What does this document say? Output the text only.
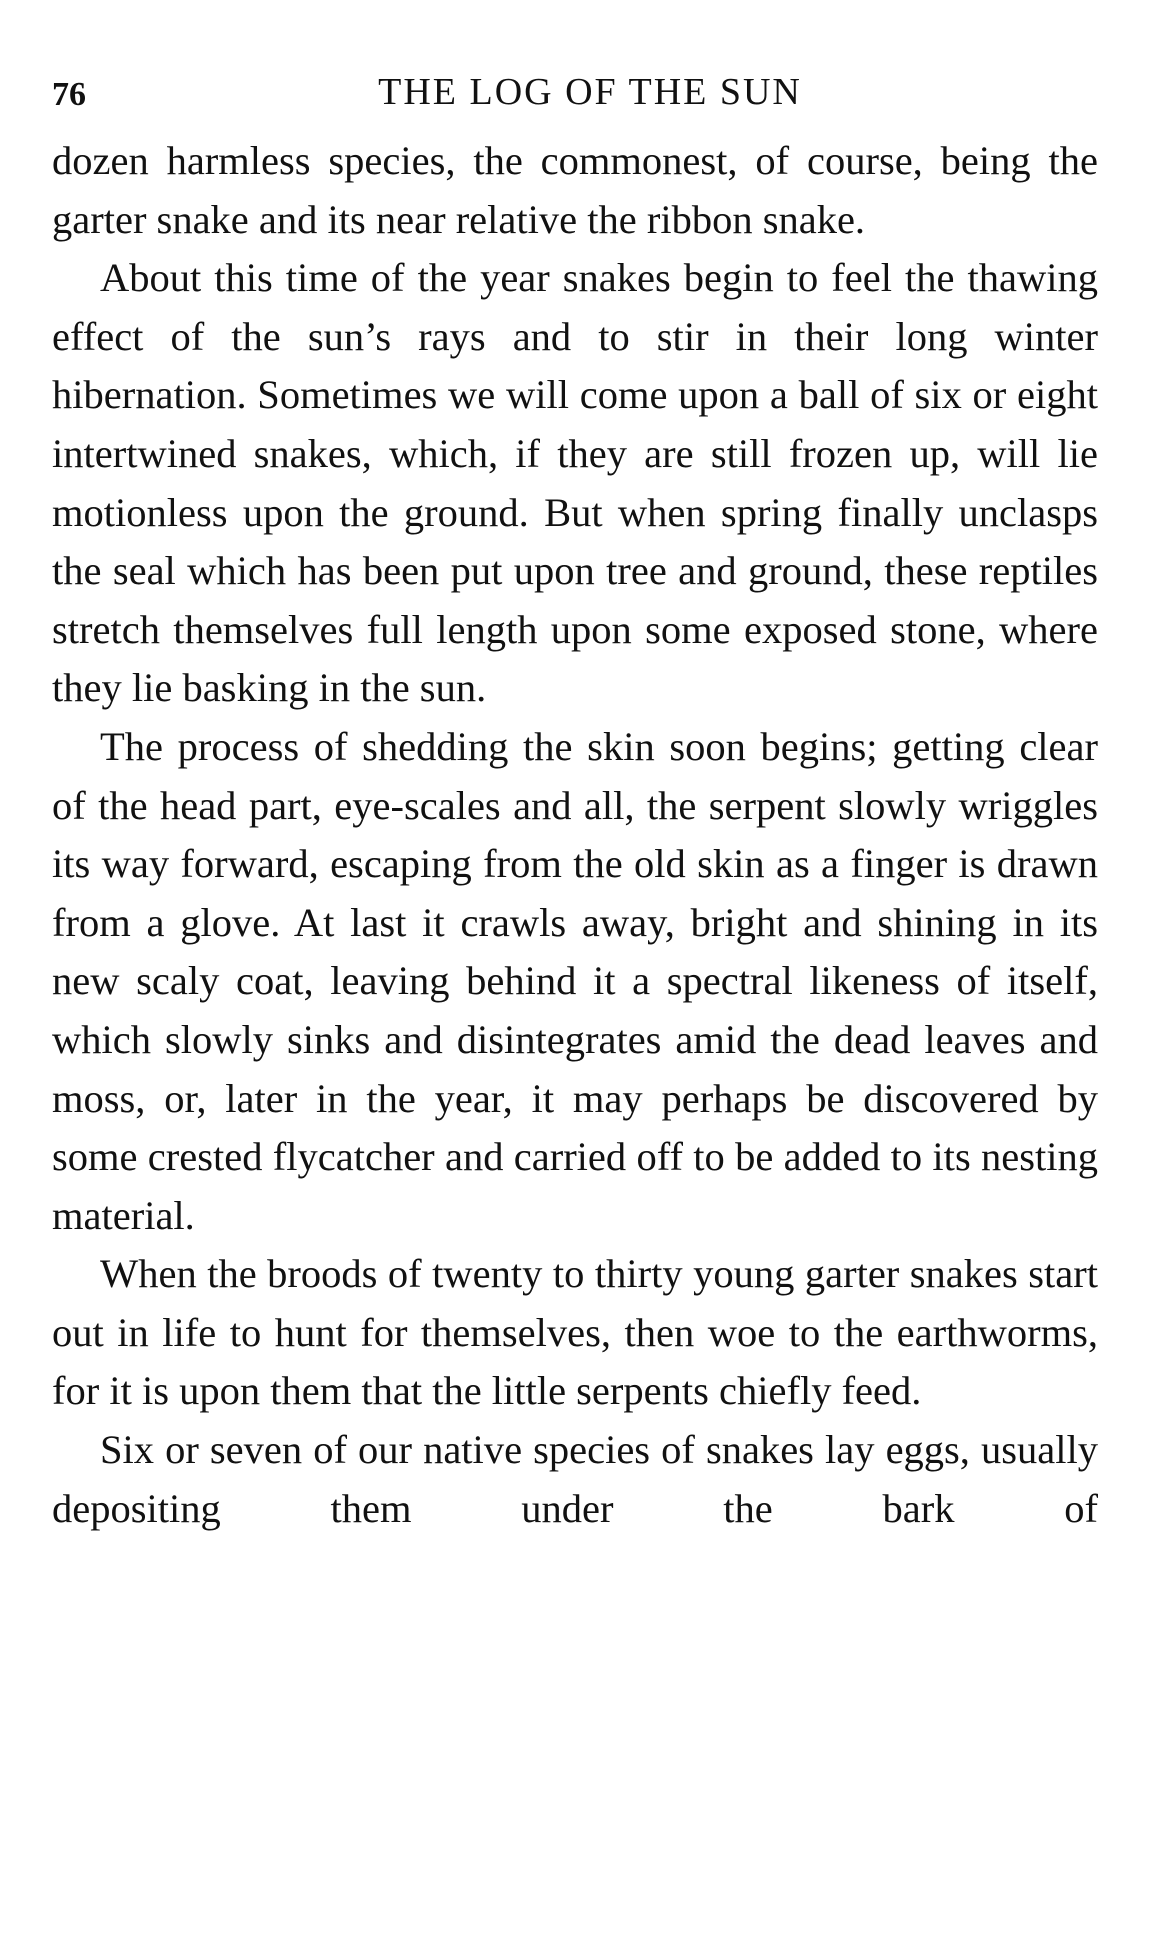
76	THE LOG OF THE SUN

dozen harmless species, the commonest, of course, being the garter snake and its near relative the ribbon snake.

About this time of the year snakes begin to feel the thawing effect of the sun’s rays and to stir in their long winter hibernation. Sometimes we will come upon a ball of six or eight intertwined snakes, which, if they are still frozen up, will lie motionless upon the ground. But when spring finally unclasps the seal which has been put upon tree and ground, these reptiles stretch themselves full length upon some exposed stone, where they lie basking in the sun.

The process of shedding the skin soon begins; getting clear of the head part, eye-scales and all, the serpent slowly wriggles its way forward, escaping from the old skin as a finger is drawn from a glove. At last it crawls away, bright and shining in its new scaly coat, leaving behind it a spectral likeness of itself, which slowly sinks and disintegrates amid the dead leaves and moss, or, later in the year, it may perhaps be discovered by some crested flycatcher and carried off to be added to its nesting material.

When the broods of twenty to thirty young garter snakes start out in life to hunt for themselves, then woe to the earthworms, for it is upon them that the little serpents chiefly feed.

Six or seven of our native species of snakes lay eggs, usually depositing them under the bark of
